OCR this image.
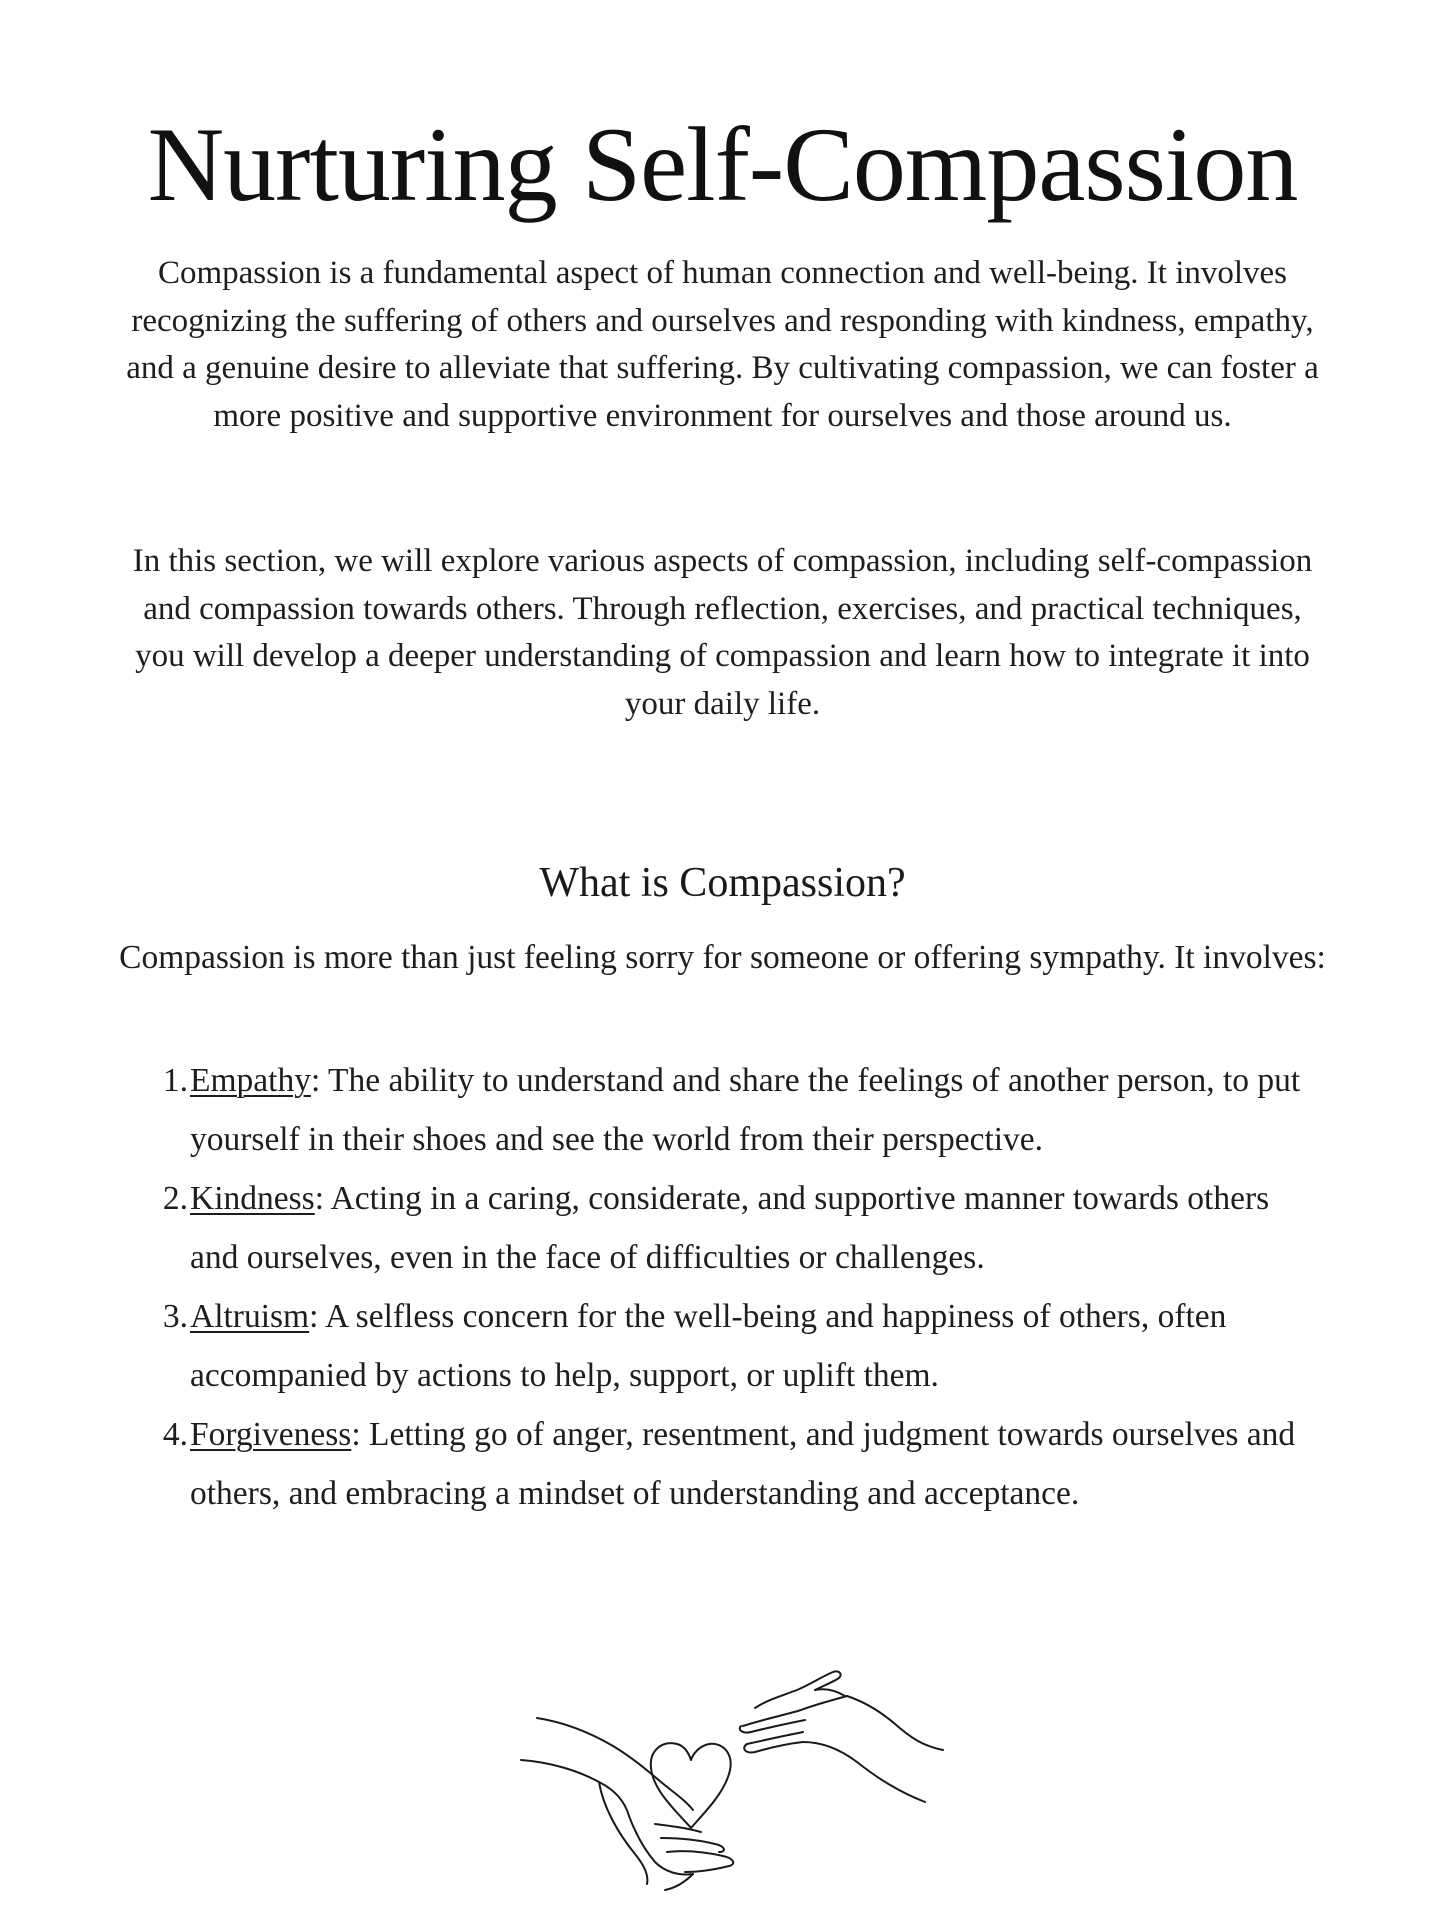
Nurturing Self-Compassion

Compassion is a fundamental aspect of human connection and well-being. It involves recognizing the suffering of others and ourselves and responding with kindness, empathy, and a genuine desire to alleviate that suffering. By cultivating compassion, we can foster a more positive and supportive environment for ourselves and those around us.

In this section, we will explore various aspects of compassion, including self-compassion and compassion towards others. Through reflection, exercises, and practical techniques, you will develop a deeper understanding of compassion and learn how to integrate it into your daily life.

What is Compassion?

Compassion is more than just feeling sorry for someone or offering sympathy. It involves:

1. Empathy: The ability to understand and share the feelings of another person, to put yourself in their shoes and see the world from their perspective.
2. Kindness: Acting in a caring, considerate, and supportive manner towards others and ourselves, even in the face of difficulties or challenges.
3. Altruism: A selfless concern for the well-being and happiness of others, often accompanied by actions to help, support, or uplift them.
4. Forgiveness: Letting go of anger, resentment, and judgment towards ourselves and others, and embracing a mindset of understanding and acceptance.
